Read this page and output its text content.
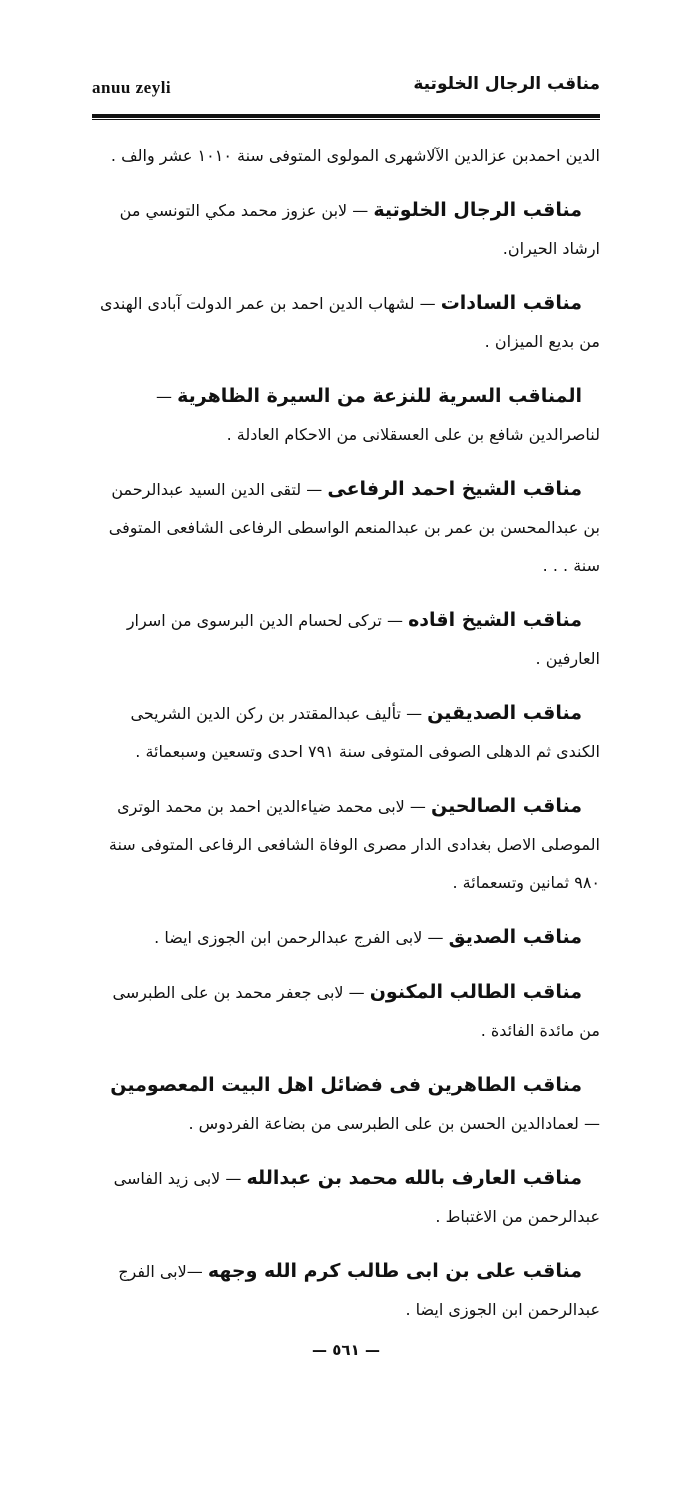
anuu zeyli	مناقب الرجال الخلوتية

الدين احمدبن عزالدين الآلاشهرى المولوى المتوفى سنة ١٠١٠ عشر والف .

مناقب الرجال الخلوتية — لابن عزوز محمد مكي التونسي من ارشاد الحيران.

مناقب السادات — لشهاب الدين احمد بن عمر الدولت آبادى الهندى من بديع الميزان .

المناقب السرية للنزعة من السيرة الظاهرية — لناصرالدين شافع بن على العسقلانى من الاحكام العادلة .

مناقب الشيخ احمد الرفاعى — لتقى الدين السيد عبدالرحمن بن عبدالمحسن بن عمر بن عبدالمنعم الواسطى الرفاعى الشافعى المتوفى سنة . . .

مناقب الشيخ اقاده — تركى لحسام الدين البرسوى من اسرار العارفين .

مناقب الصديقين — تأليف عبدالمقتدر بن ركن الدين الشريحى الكندى ثم الدهلى الصوفى المتوفى سنة ٧٩١ احدى وتسعين وسبعمائة .

مناقب الصالحين — لابى محمد ضياءالدين احمد بن محمد الوترى الموصلى الاصل بغدادى الدار مصرى الوفاة الشافعى الرفاعى المتوفى سنة ٩٨٠ ثمانين وتسعمائة .

مناقب الصديق — لابى الفرج عبدالرحمن ابن الجوزى ايضا .

مناقب الطالب المكنون — لابى جعفر محمد بن على الطبرسى من مائدة الفائدة .

مناقب الطاهرين فى فضائل اهل البيت المعصومين — لعمادالدين الحسن بن على الطبرسى من بضاعة الفردوس .

مناقب العارف بالله محمد بن عبدالله — لابى زيد الفاسى عبدالرحمن من الاغتباط .

مناقب على بن ابى طالب كرم الله وجهه —لابى الفرج عبدالرحمن ابن الجوزى ايضا .

— ٥٦١ —
